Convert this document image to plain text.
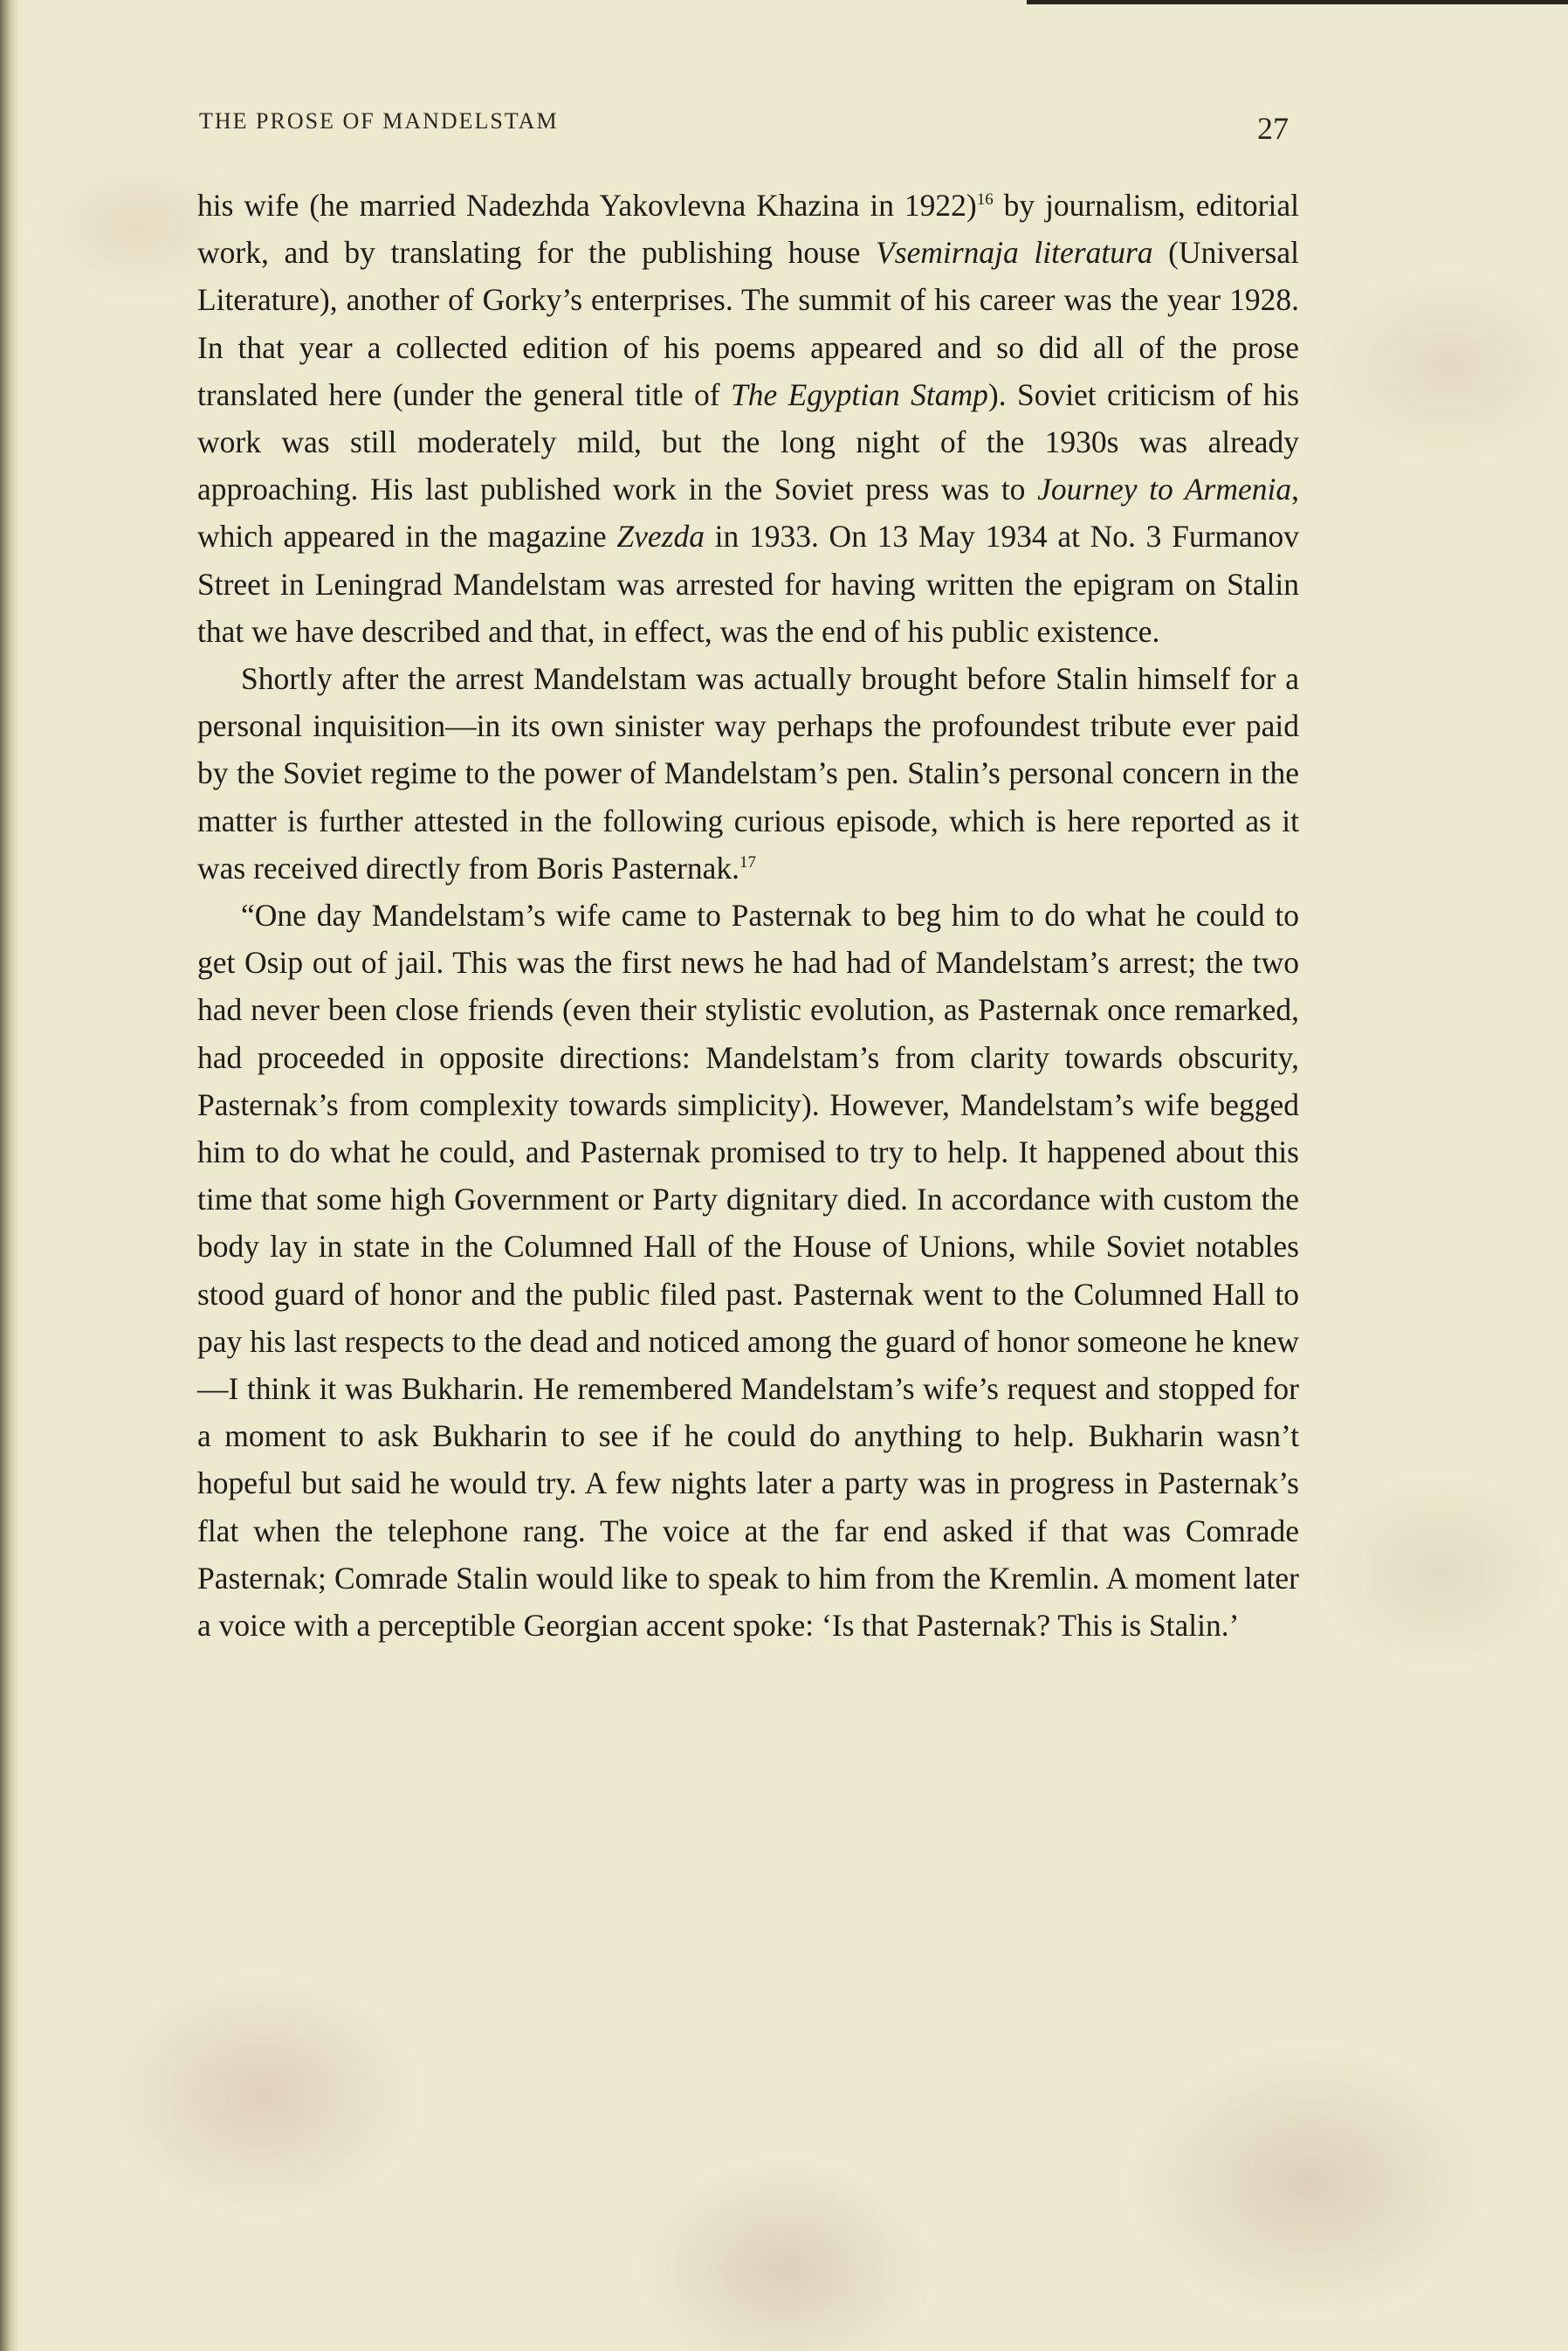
THE PROSE OF MANDELSTAM	27

his wife (he married Nadezhda Yakovlevna Khazina in 1922)$^{16}$ by journalism, editorial work, and by translating for the publishing house Vsemirnaja literatura (Universal Literature), another of Gorky’s enterprises. The summit of his career was the year 1928. In that year a collected edition of his poems appeared and so did all of the prose translated here (under the general title of The Egyptian Stamp). Soviet criticism of his work was still moderately mild, but the long night of the 1930s was already approaching. His last published work in the Soviet press was to Journey to Armenia, which appeared in the magazine Zvezda in 1933. On 13 May 1934 at No. 3 Furmanov Street in Leningrad Mandelstam was arrested for having written the epigram on Stalin that we have described and that, in effect, was the end of his public existence.

Shortly after the arrest Mandelstam was actually brought before Stalin himself for a personal inquisition—in its own sinister way perhaps the profoundest tribute ever paid by the Soviet regime to the power of Mandelstam’s pen. Stalin’s personal concern in the matter is further attested in the following curious episode, which is here reported as it was received directly from Boris Pasternak.$^{17}$

“One day Mandelstam’s wife came to Pasternak to beg him to do what he could to get Osip out of jail. This was the first news he had had of Mandelstam’s arrest; the two had never been close friends (even their stylistic evolution, as Pasternak once remarked, had proceeded in opposite directions: Mandelstam’s from clarity towards obscurity, Pasternak’s from complexity towards simplicity). However, Mandelstam’s wife begged him to do what he could, and Pasternak promised to try to help. It happened about this time that some high Government or Party dignitary died. In accordance with custom the body lay in state in the Columned Hall of the House of Unions, while Soviet notables stood guard of honor and the public filed past. Pasternak went to the Columned Hall to pay his last respects to the dead and noticed among the guard of honor someone he knew—I think it was Bukharin. He remembered Mandelstam’s wife’s request and stopped for a moment to ask Bukharin to see if he could do anything to help. Bukharin wasn’t hopeful but said he would try. A few nights later a party was in progress in Pasternak’s flat when the telephone rang. The voice at the far end asked if that was Comrade Pasternak; Comrade Stalin would like to speak to him from the Kremlin. A moment later a voice with a perceptible Georgian accent spoke: ‘Is that Pasternak? This is Stalin.’
